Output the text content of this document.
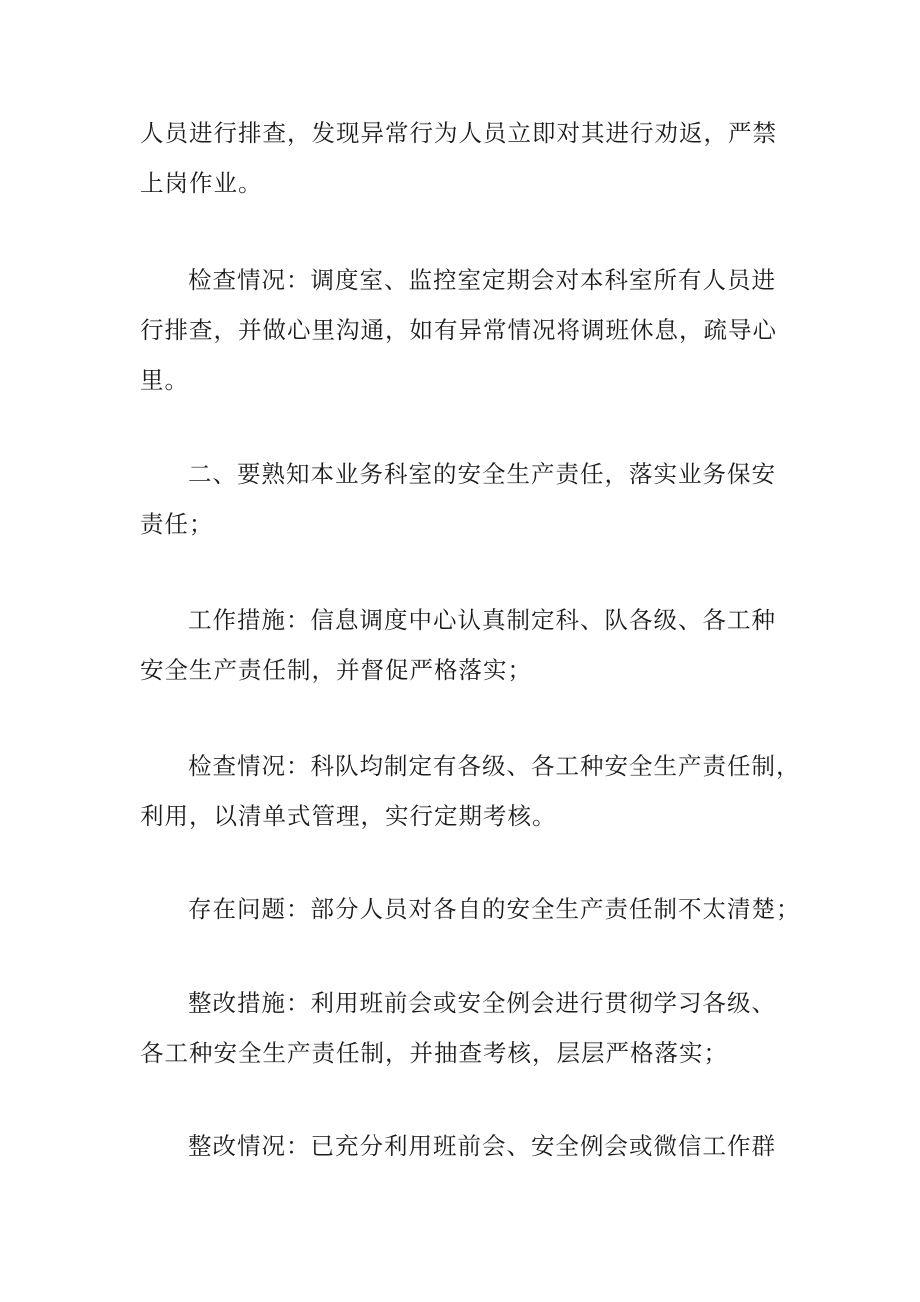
人员进行排查，发现异常行为人员立即对其进行劝返，严禁
上岗作业。
检查情况：调度室、监控室定期会对本科室所有人员进
行排查，并做心里沟通，如有异常情况将调班休息，疏导心
里。
二、要熟知本业务科室的安全生产责任，落实业务保安
责任；
工作措施：信息调度中心认真制定科、队各级、各工种
安全生产责任制，并督促严格落实；
检查情况：科队均制定有各级、各工种安全生产责任制，
利用，以清单式管理，实行定期考核。
存在问题：部分人员对各自的安全生产责任制不太清楚；
整改措施：利用班前会或安全例会进行贯彻学习各级、
各工种安全生产责任制，并抽查考核，层层严格落实；
整改情况：已充分利用班前会、安全例会或微信工作群
